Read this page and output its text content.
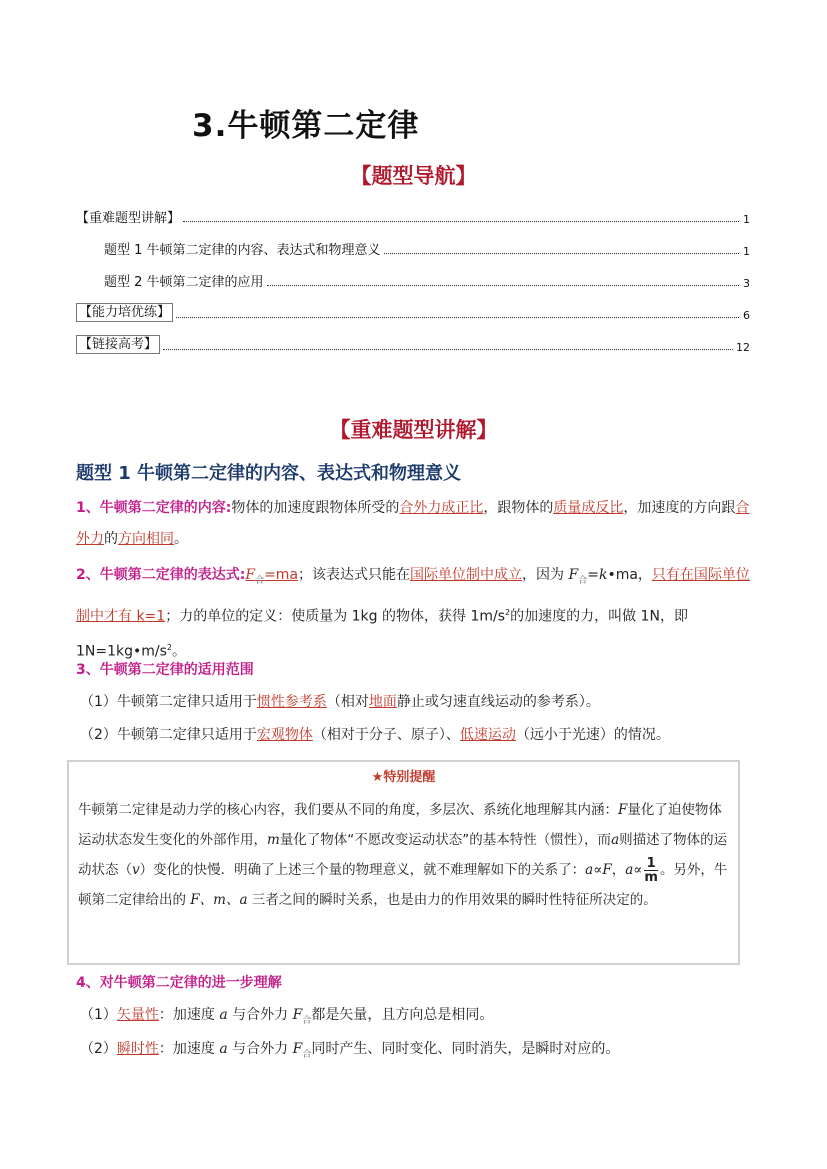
3.牛顿第二定律
【题型导航】
【重难题型讲解】	1
题型 1 牛顿第二定律的内容、表达式和物理意义	1
题型 2 牛顿第二定律的应用	3
【能力培优练】	6
【链接高考】	12
【重难题型讲解】
题型 1 牛顿第二定律的内容、表达式和物理意义
1、牛顿第二定律的内容:物体的加速度跟物体所受的合外力成正比，跟物体的质量成反比，加速度的方向跟合外力的方向相同。
2、牛顿第二定律的表达式$:F_合=ma$；该表达式只能在国际单位制中成立，因为 $F_合=k•ma$，只有在国际单位制中才有 k=1；力的单位的定义：使质量为 1kg 的物体，获得 $1m/s^2$的加速度的力，叫做 1N，即 $1N=1kg•m/s^2$。
3、牛顿第二定律的适用范围
（1）牛顿第二定律只适用于惯性参考系（相对地面静止或匀速直线运动的参考系）。
（2）牛顿第二定律只适用于宏观物体（相对于分子、原子）、低速运动（远小于光速）的情况。
★特别提醒
牛顿第二定律是动力学的核心内容，我们要从不同的角度，多层次、系统化地理解其内涵：F量化了迫使物体运动状态发生变化的外部作用，m量化了物体“不愿改变运动状态”的基本特性（惯性），而a则描述了物体的运动状态（v）变化的快慢．明确了上述三个量的物理意义，就不难理解如下的关系了：a∝F，$a\propto \frac{1}{m}$ 。另外，牛顿第二定律给出的 F、m、a 三者之间的瞬时关系，也是由力的作用效果的瞬时性特征所决定的。
4、对牛顿第二定律的进一步理解
（1）矢量性：加速度 a 与合外力 $F_合$都是矢量，且方向总是相同。
（2）瞬时性：加速度 a 与合外力 $F_合$同时产生、同时变化、同时消失，是瞬时对应的。
